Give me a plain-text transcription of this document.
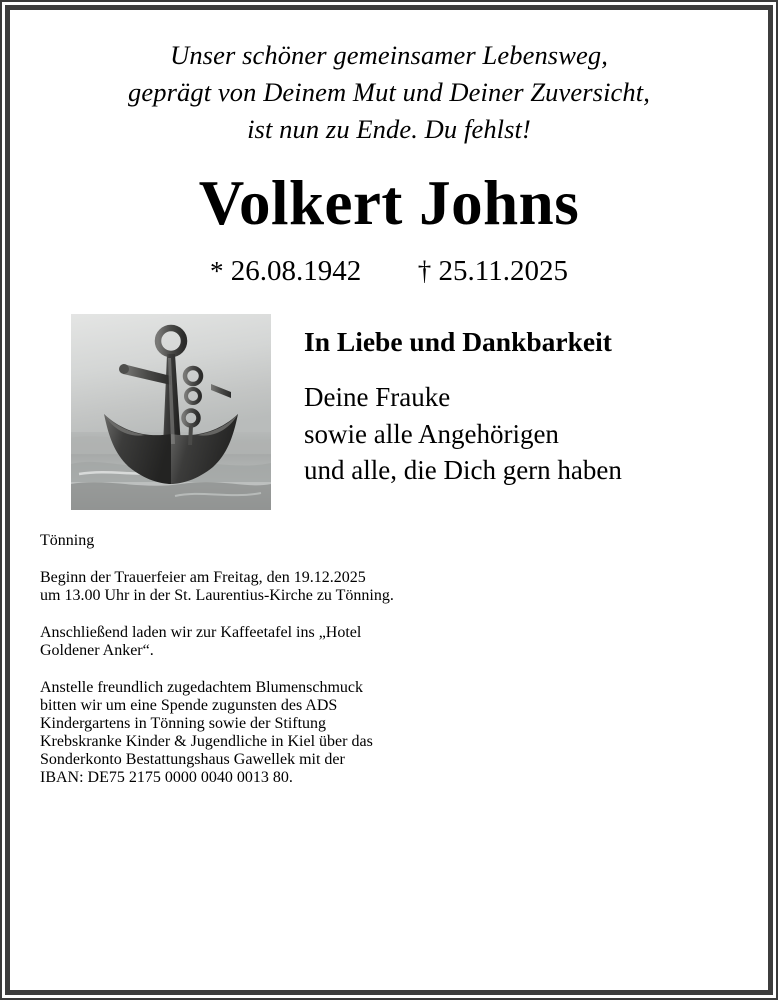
Unser schöner gemeinsamer Lebensweg,
geprägt von Deinem Mut und Deiner Zuversicht,
ist nun zu Ende. Du fehlst!
Volkert Johns
* 26.08.1942 † 25.11.2025
In Liebe und Dankbarkeit
Deine Frauke
sowie alle Angehörigen
und alle, die Dich gern haben

Tönning

Beginn der Trauerfeier am Freitag, den 19.12.2025
um 13.00 Uhr in der St. Laurentius-Kirche zu Tönning.

Anschließend laden wir zur Kaffeetafel ins „Hotel
Goldener Anker“.

Anstelle freundlich zugedachtem Blumenschmuck
bitten wir um eine Spende zugunsten des ADS
Kindergartens in Tönning sowie der Stiftung
Krebskranke Kinder & Jugendliche in Kiel über das
Sonderkonto Bestattungshaus Gawellek mit der
IBAN: DE75 2175 0000 0040 0013 80.
